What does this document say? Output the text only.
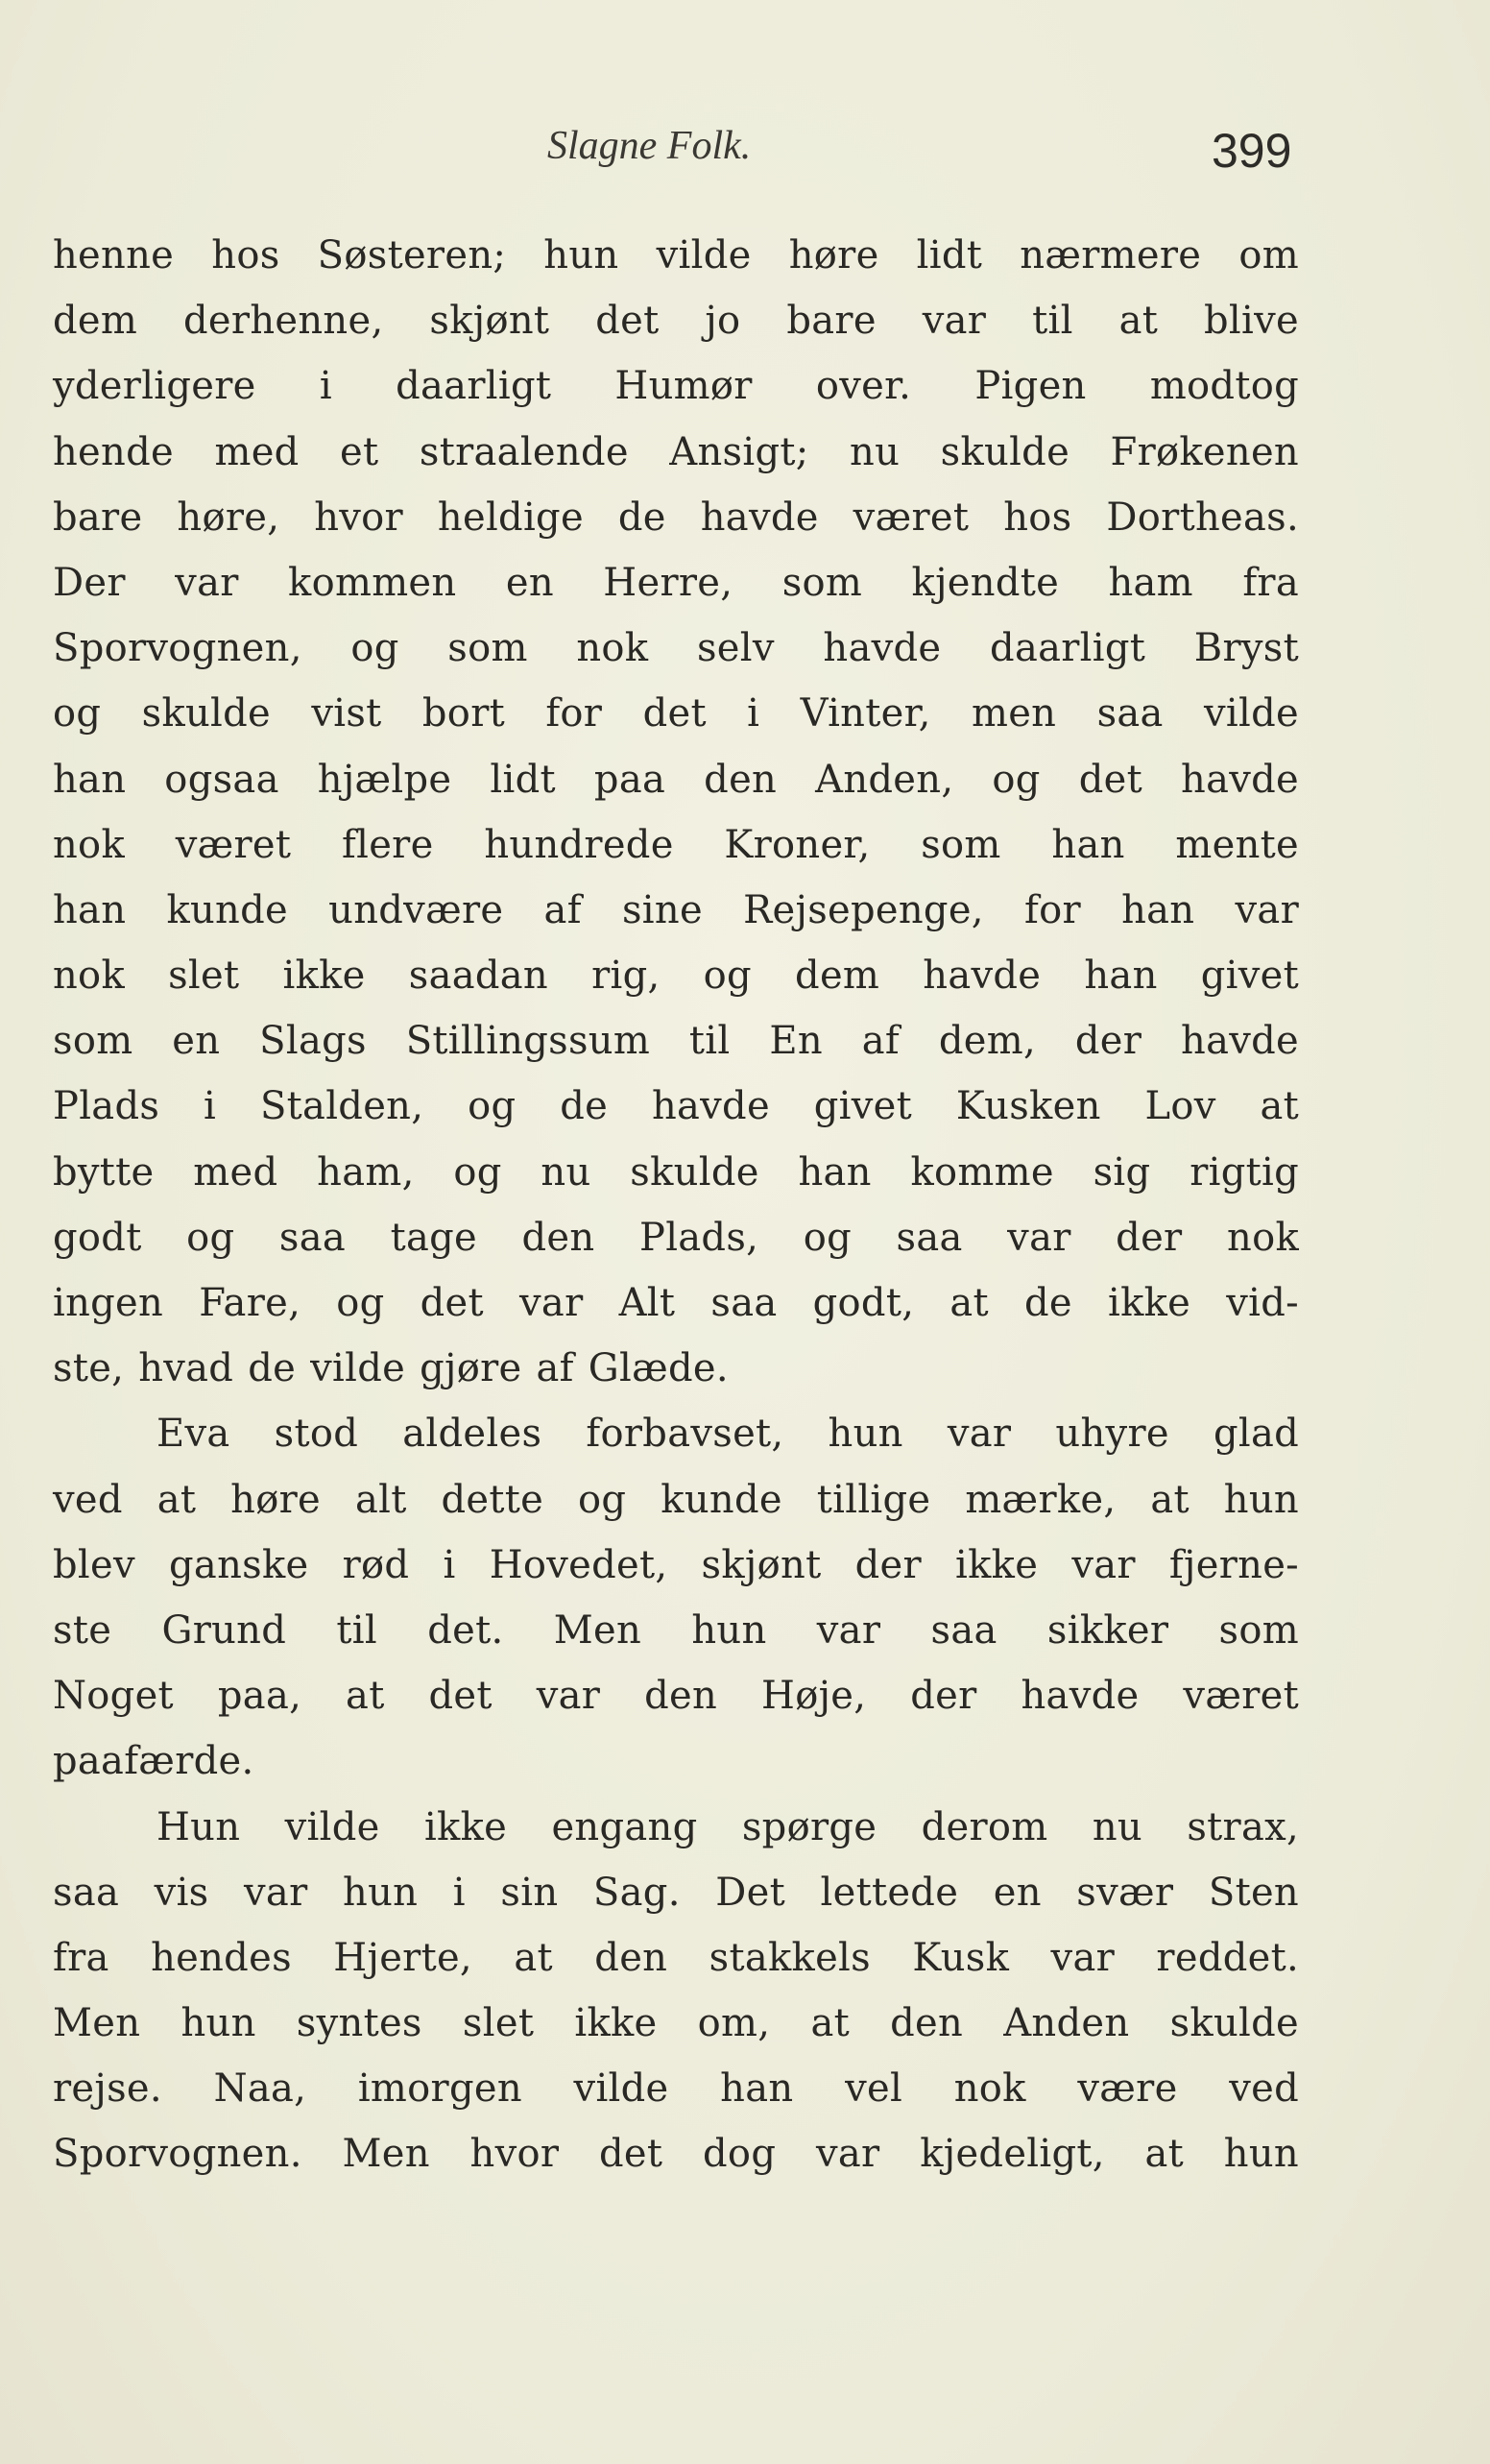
Slagne Folk.	399
henne hos Søsteren; hun vilde høre lidt nærmere om
dem derhenne, skjønt det jo bare var til at blive
yderligere i daarligt Humør over. Pigen modtog
hende med et straalende Ansigt; nu skulde Frøkenen
bare høre, hvor heldige de havde været hos Dortheas.
Der var kommen en Herre, som kjendte ham fra
Sporvognen, og som nok selv havde daarligt Bryst
og skulde vist bort for det i Vinter, men saa vilde
han ogsaa hjælpe lidt paa den Anden, og det havde
nok været flere hundrede Kroner, som han mente
han kunde undvære af sine Rejsepenge, for han var
nok slet ikke saadan rig, og dem havde han givet
som en Slags Stillingssum til En af dem, der havde
Plads i Stalden, og de havde givet Kusken Lov at
bytte med ham, og nu skulde han komme sig rigtig
godt og saa tage den Plads, og saa var der nok
ingen Fare, og det var Alt saa godt, at de ikke vid-
ste, hvad de vilde gjøre af Glæde.
Eva stod aldeles forbavset, hun var uhyre glad
ved at høre alt dette og kunde tillige mærke, at hun
blev ganske rød i Hovedet, skjønt der ikke var fjerne-
ste Grund til det. Men hun var saa sikker som
Noget paa, at det var den Høje, der havde været
paafærde.
Hun vilde ikke engang spørge derom nu strax,
saa vis var hun i sin Sag. Det lettede en svær Sten
fra hendes Hjerte, at den stakkels Kusk var reddet.
Men hun syntes slet ikke om, at den Anden skulde
rejse. Naa, imorgen vilde han vel nok være ved
Sporvognen. Men hvor det dog var kjedeligt, at hun
